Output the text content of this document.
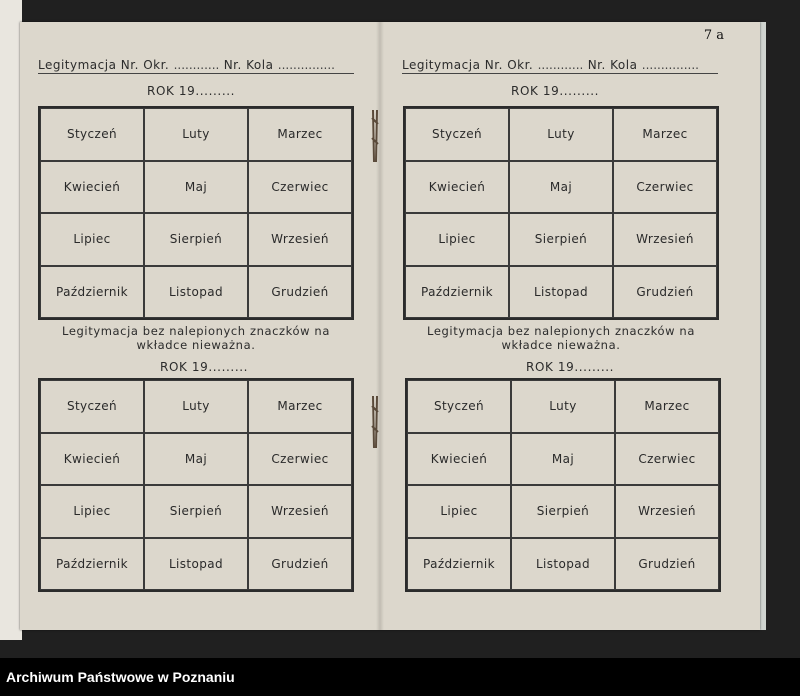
7 a
Legitymacja Nr. Okr. ............ Nr. Kola ...............
ROK 19.........
Styczeń	Luty	Marzec
Kwiecień	Maj	Czerwiec
Lipiec	Sierpień	Wrzesień
Październik	Listopad	Grudzień
Legitymacja bez nalepionych znaczków na
wkładce nieważna.
ROK 19.........
Styczeń	Luty	Marzec
Kwiecień	Maj	Czerwiec
Lipiec	Sierpień	Wrzesień
Październik	Listopad	Grudzień
Legitymacja Nr. Okr. ............ Nr. Kola ...............
ROK 19.........
Styczeń	Luty	Marzec
Kwiecień	Maj	Czerwiec
Lipiec	Sierpień	Wrzesień
Październik	Listopad	Grudzień
Legitymacja bez nalepionych znaczków na
wkładce nieważna.
ROK 19.........
Styczeń	Luty	Marzec
Kwiecień	Maj	Czerwiec
Lipiec	Sierpień	Wrzesień
Październik	Listopad	Grudzień
Archiwum Państwowe w Poznaniu
